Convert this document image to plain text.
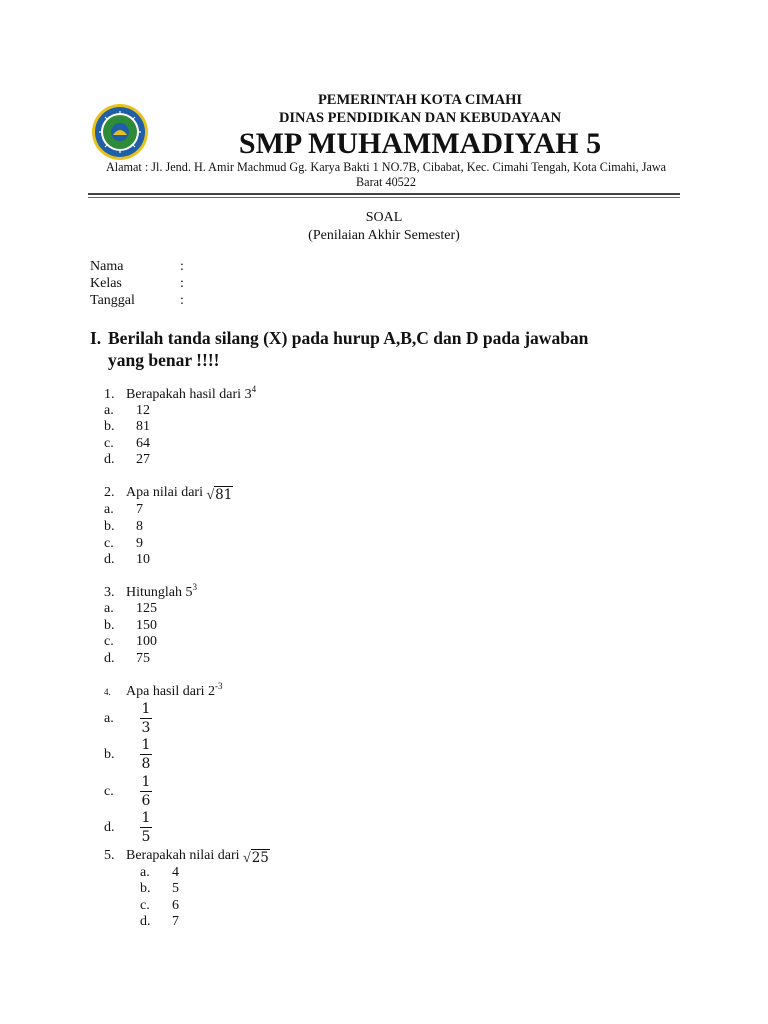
PEMERINTAH KOTA CIMAHI
DINAS PENDIDIKAN DAN KEBUDAYAAN
SMP MUHAMMADIYAH 5
Alamat : Jl. Jend. H. Amir Machmud Gg. Karya Bakti 1 NO.7B, Cibabat, Kec. Cimahi Tengah, Kota Cimahi, Jawa
Barat 40522
SOAL
(Penilaian Akhir Semester)
Nama	:
Kelas	:
Tanggal	:
I. Berilah tanda silang (X) pada hurup A,B,C dan D pada jawaban
yang benar !!!!
1. Berapakah hasil dari $3^4$
a. 12
b. 81
c. 64
d. 27
2. Apa nilai dari √ 81
a. 7
b. 8
c. 9
d. 10
3. Hitunglah $5^3$
a. 125
b. 150
c. 100
d. 75
4. Apa hasil dari $2^{-3}$
a. $\frac{1}{3}$
b. $\frac{1}{8}$
c. $\frac{1}{6}$
d. $\frac{1}{5}$
5. Berapakah nilai dari √ 25
a. 4
b. 5
c. 6
d. 7
